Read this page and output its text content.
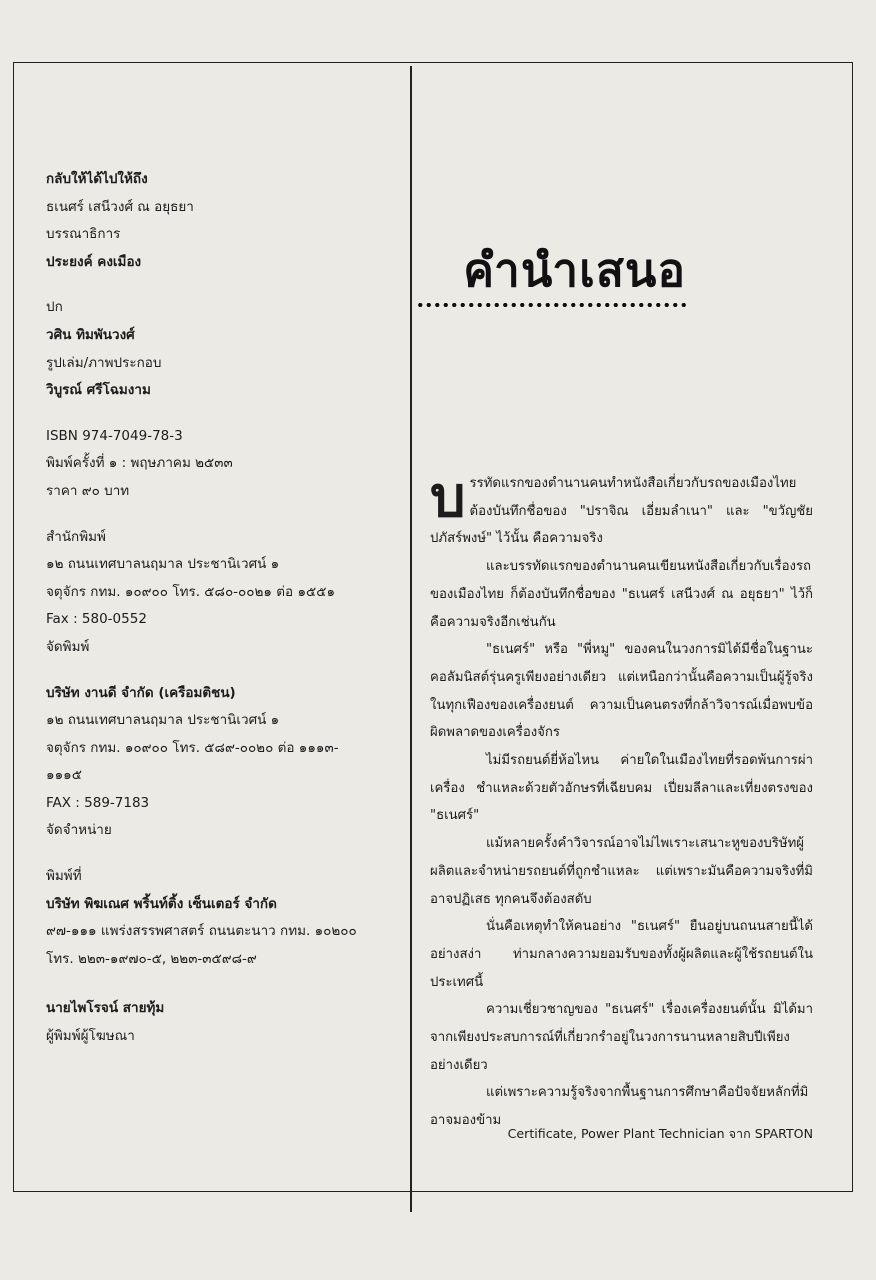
กลับให้ได้ไปให้ถึง
ธเนศร์ เสนีวงศ์ ณ อยุธยา
บรรณาธิการ
ประยงค์ คงเมือง
ปก
วศิน ทิมพันวงศ์
รูปเล่ม/ภาพประกอบ
วิบูรณ์ ศรีโฉมงาม
ISBN 974-7049-78-3
พิมพ์ครั้งที่ ๑ : พฤษภาคม ๒๕๓๓
ราคา ๙๐ บาท
สำนักพิมพ์
๑๒ ถนนเทศบาลนฤมาล ประชานิเวศน์ ๑
จตุจักร กทม. ๑๐๙๐๐ โทร. ๕๘๐-๐๐๒๑ ต่อ ๑๕๕๑
Fax : 580-0552
จัดพิมพ์
บริษัท งานดี จำกัด (เครือมติชน)
๑๒ ถนนเทศบาลนฤมาล ประชานิเวศน์ ๑
จตุจักร กทม. ๑๐๙๐๐ โทร. ๕๘๙-๐๐๒๐ ต่อ ๑๑๑๓-
๑๑๑๕
FAX : 589-7183
จัดจำหน่าย
พิมพ์ที่
บริษัท พิฆเณศ พริ้นท์ติ้ง เซ็นเตอร์ จำกัด
๙๗-๑๑๑ แพร่งสรรพศาสตร์ ถนนตะนาว กทม. ๑๐๒๐๐
โทร. ๒๒๓-๑๙๗๐-๕, ๒๒๓-๓๕๙๘-๙
นายไพโรจน์ สายทุ้ม
ผู้พิมพ์ผู้โฆษณา
คำนำเสนอ

บรรทัดแรกของตำนานคนทำหนังสือเกี่ยวกับรถของเมืองไทย ต้องบันทึกชื่อของ "ปราจิณ เอี่ยมลำเนา" และ "ขวัญชัย ปภัสร์พงษ์" ไว้นั้น คือความจริง

และบรรทัดแรกของตำนานคนเขียนหนังสือเกี่ยวกับเรื่องรถของเมืองไทย ก็ต้องบันทึกชื่อของ "ธเนศร์ เสนีวงศ์ ณ อยุธยา" ไว้ก็คือความจริงอีกเช่นกัน

"ธเนศร์" หรือ "พี่หมู" ของคนในวงการมิได้มีชื่อในฐานะคอลัมนิสต์รุ่นครูเพียงอย่างเดียว แต่เหนือกว่านั้นคือความเป็นผู้รู้จริงในทุกเฟืองของเครื่องยนต์ ความเป็นคนตรงที่กล้าวิจารณ์เมื่อพบข้อผิดพลาดของเครื่องจักร

ไม่มีรถยนต์ยี่ห้อไหน ค่ายใดในเมืองไทยที่รอดพ้นการผ่าเครื่อง ชำแหละด้วยตัวอักษรที่เฉียบคม เปี่ยมลีลาและเที่ยงตรงของ "ธเนศร์"

แม้หลายครั้งคำวิจารณ์อาจไม่ไพเราะเสนาะหูของบริษัทผู้ผลิตและจำหน่ายรถยนต์ที่ถูกชำแหละ แต่เพราะมันคือความจริงที่มิอาจปฏิเสธ ทุกคนจึงต้องสดับ

นั่นคือเหตุทำให้คนอย่าง "ธเนศร์" ยืนอยู่บนถนนสายนี้ได้อย่างสง่า ท่ามกลางความยอมรับของทั้งผู้ผลิตและผู้ใช้รถยนต์ในประเทศนี้

ความเชี่ยวชาญของ "ธเนศร์" เรื่องเครื่องยนต์นั้น มิได้มาจากเพียงประสบการณ์ที่เกี่ยวกรำอยู่ในวงการนานหลายสิบปีเพียงอย่างเดียว

แต่เพราะความรู้จริงจากพื้นฐานการศึกษาคือปัจจัยหลักที่มิอาจมองข้าม

Certificate, Power Plant Technician จาก SPARTON
